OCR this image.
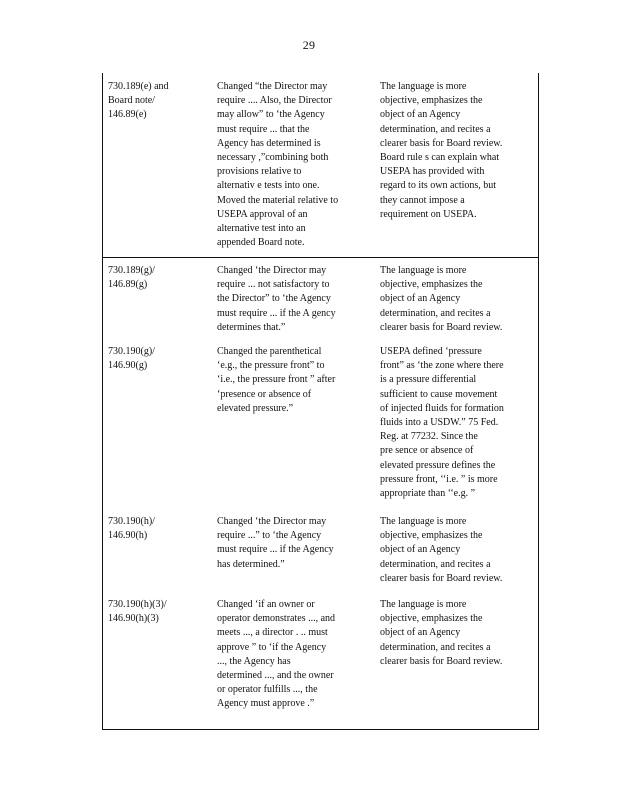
29
730.189(e) and
Board note/
146.89(e)
Changed “the Director may
require .... Also, the Director
may allow” to ‘the Agency
must require ... that the
Agency has determined is
necessary ,”combining both
provisions relative to
alternativ e tests into one.
Moved the material relative to
USEPA approval of an
alternative test into an
appended Board note.
The language is more
objective, emphasizes the
object of an Agency
determination, and recites a
clearer basis for Board review.
Board rule s can explain what
USEPA has provided with
regard to its own actions, but
they cannot impose a
requirement on USEPA.
730.189(g)/
146.89(g)
Changed ‘the Director may
require ... not satisfactory to
the Director” to ‘the Agency
must require ... if the A gency
determines that.”
The language is more
objective, emphasizes the
object of an Agency
determination, and recites a
clearer basis for Board review.
730.190(g)/
146.90(g)
Changed the parenthetical
‘e.g., the pressure front” to
‘i.e., the pressure front ” after
‘presence or absence of
elevated pressure.”
USEPA defined ‘pressure
front” as ‘the zone where there
is a pressure differential
sufficient to cause movement
of injected fluids for formation
fluids into a USDW.” 75 Fed.
Reg. at 77232. Since the
pre sence or absence of
elevated pressure defines the
pressure front, ‘‘i.e. ” is more
appropriate than ‘‘e.g. ”
730.190(h)/
146.90(h)
Changed ‘the Director may
require ...” to ‘the Agency
must require ... if the Agency
has determined.”
The language is more
objective, emphasizes the
object of an Agency
determination, and recites a
clearer basis for Board review.
730.190(h)(3)/
146.90(h)(3)
Changed ‘if an owner or
operator demonstrates ..., and
meets ..., a director . .. must
approve ” to ‘if the Agency
..., the Agency has
determined ..., and the owner
or operator fulfills ..., the
Agency must approve .”
The language is more
objective, emphasizes the
object of an Agency
determination, and recites a
clearer basis for Board review.
